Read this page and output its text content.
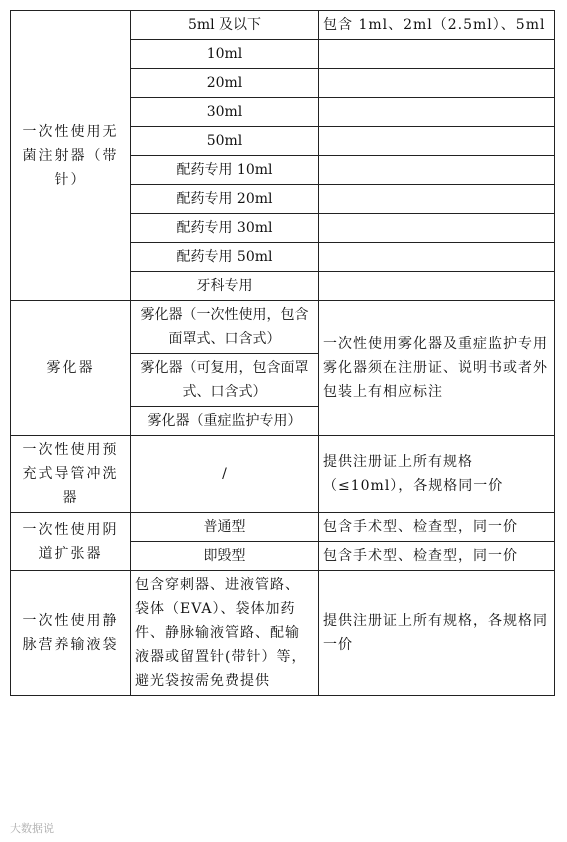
一次性使用无菌注射器（带针）	5ml 及以下	包含 1ml、2ml（2.5ml）、5ml
	10ml	
	20ml	
	30ml	
	50ml	
	配药专用 10ml	
	配药专用 20ml	
	配药专用 30ml	
	配药专用 50ml	
	牙科专用	
雾化器	雾化器（一次性使用，包含面罩式、口含式）	一次性使用雾化器及重症监护专用雾化器须在注册证、说明书或者外包装上有相应标注
	雾化器（可复用，包含面罩式、口含式）	
	雾化器（重症监护专用）	
一次性使用预充式导管冲洗器	/	提供注册证上所有规格（≤10ml），各规格同一价
一次性使用阴道扩张器	普通型	包含手术型、检查型，同一价
	即毁型	包含手术型、检查型，同一价
一次性使用静脉营养输液袋	包含穿刺器、进液管路、袋体（EVA）、袋体加药件、静脉输液管路、配输液器或留置针(带针）等，避光袋按需免费提供	提供注册证上所有规格，各规格同一价
大数据说
